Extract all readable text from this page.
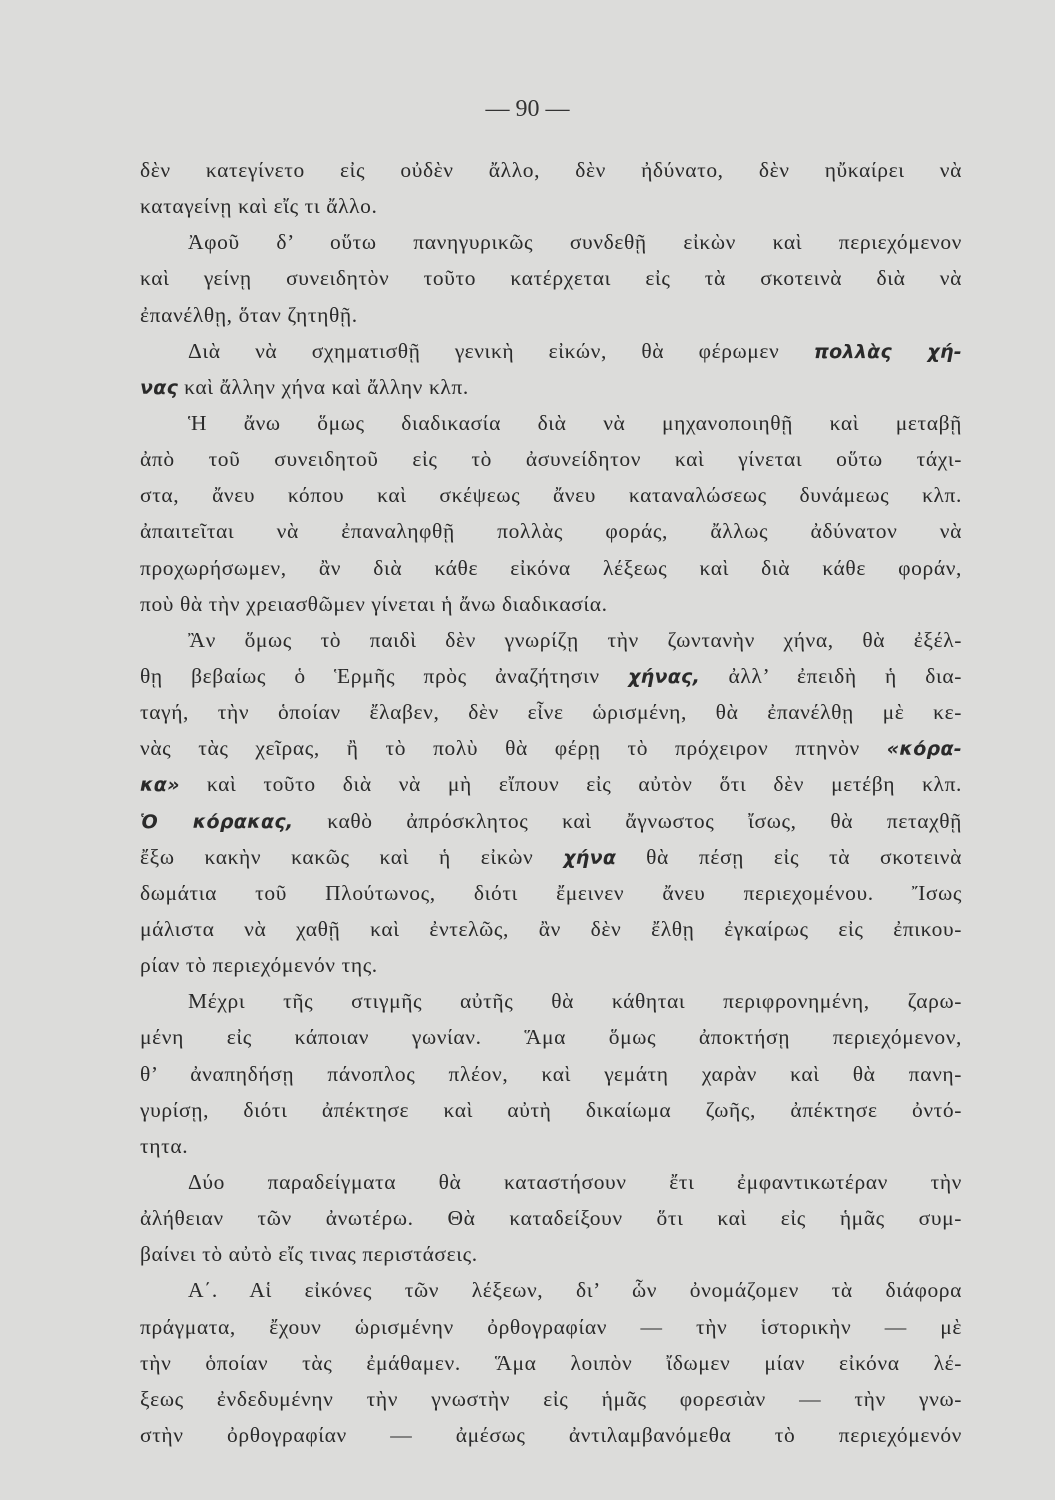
— 90 —
δὲν κατεγίνετο εἰς οὐδὲν ἄλλο, δὲν ἠδύνατο, δὲν ηὔκαίρει νὰ
καταγείνῃ καὶ εἴς τι ἄλλο.
Ἀφοῦ δ’ οὕτω πανηγυρικῶς συνδεθῇ εἰκὼν καὶ περιεχόμενον
καὶ γείνῃ συνειδητὸν τοῦτο κατέρχεται εἰς τὰ σκοτεινὰ διὰ νὰ
ἐπανέλθῃ, ὅταν ζητηθῇ.
Διὰ νὰ σχηματισθῇ γενικὴ εἰκών, θὰ φέρωμεν πολλὰς χή-
νας καὶ ἄλλην χήνα καὶ ἄλλην κλπ.
Ἡ ἄνω ὅμως διαδικασία διὰ νὰ μηχανοποιηθῇ καὶ μεταβῇ
ἀπὸ τοῦ συνειδητοῦ εἰς τὸ ἀσυνείδητον καὶ γίνεται οὕτω τάχι-
στα, ἄνευ κόπου καὶ σκέψεως ἄνευ καταναλώσεως δυνάμεως κλπ.
ἀπαιτεῖται νὰ ἐπαναληφθῇ πολλὰς φοράς, ἄλλως ἀδύνατον νὰ
προχωρήσωμεν, ἂν διὰ κάθε εἰκόνα λέξεως καὶ διὰ κάθε φοράν,
ποὺ θὰ τὴν χρειασθῶμεν γίνεται ἡ ἄνω διαδικασία.
Ἂν ὅμως τὸ παιδὶ δὲν γνωρίζῃ τὴν ζωντανὴν χήνα, θὰ ἐξέλ-
θῃ βεβαίως ὁ Ἑρμῆς πρὸς ἀναζήτησιν χήνας, ἀλλ’ ἐπειδὴ ἡ δια-
ταγή, τὴν ὁποίαν ἔλαβεν, δὲν εἶνε ὡρισμένη, θὰ ἐπανέλθῃ μὲ κε-
νὰς τὰς χεῖρας, ἢ τὸ πολὺ θὰ φέρῃ τὸ πρόχειρον πτηνὸν «κόρα-
κα» καὶ τοῦτο διὰ νὰ μὴ εἴπουν εἰς αὐτὸν ὅτι δὲν μετέβη κλπ.
Ὁ κόρακας, καθὸ ἀπρόσκλητος καὶ ἄγνωστος ἴσως, θὰ πεταχθῇ
ἔξω κακὴν κακῶς καὶ ἡ εἰκὼν χήνα θὰ πέσῃ εἰς τὰ σκοτεινὰ
δωμάτια τοῦ Πλούτωνος, διότι ἔμεινεν ἄνευ περιεχομένου. Ἴσως
μάλιστα νὰ χαθῇ καὶ ἐντελῶς, ἂν δὲν ἔλθῃ ἐγκαίρως εἰς ἐπικου-
ρίαν τὸ περιεχόμενόν της.
Μέχρι τῆς στιγμῆς αὐτῆς θὰ κάθηται περιφρονημένη, ζαρω-
μένη εἰς κάποιαν γωνίαν. Ἅμα ὅμως ἀποκτήσῃ περιεχόμενον,
θ’ ἀναπηδήσῃ πάνοπλος πλέον, καὶ γεμάτη χαρὰν καὶ θὰ πανη-
γυρίσῃ, διότι ἀπέκτησε καὶ αὐτὴ δικαίωμα ζωῆς, ἀπέκτησε ὀντό-
τητα.
Δύο παραδείγματα θὰ καταστήσουν ἔτι ἐμφαντικωτέραν τὴν
ἀλήθειαν τῶν ἀνωτέρω. Θὰ καταδείξουν ὅτι καὶ εἰς ἡμᾶς συμ-
βαίνει τὸ αὐτὸ εἴς τινας περιστάσεις.
Α΄. Αἱ εἰκόνες τῶν λέξεων, δι’ ὧν ὀνομάζομεν τὰ διάφορα
πράγματα, ἔχουν ὡρισμένην ὀρθογραφίαν — τὴν ἱστορικὴν — μὲ
τὴν ὁποίαν τὰς ἐμάθαμεν. Ἅμα λοιπὸν ἴδωμεν μίαν εἰκόνα λέ-
ξεως ἐνδεδυμένην τὴν γνωστὴν εἰς ἡμᾶς φορεσιὰν — τὴν γνω-
στὴν ὀρθογραφίαν — ἀμέσως ἀντιλαμβανόμεθα τὸ περιεχόμενόν
